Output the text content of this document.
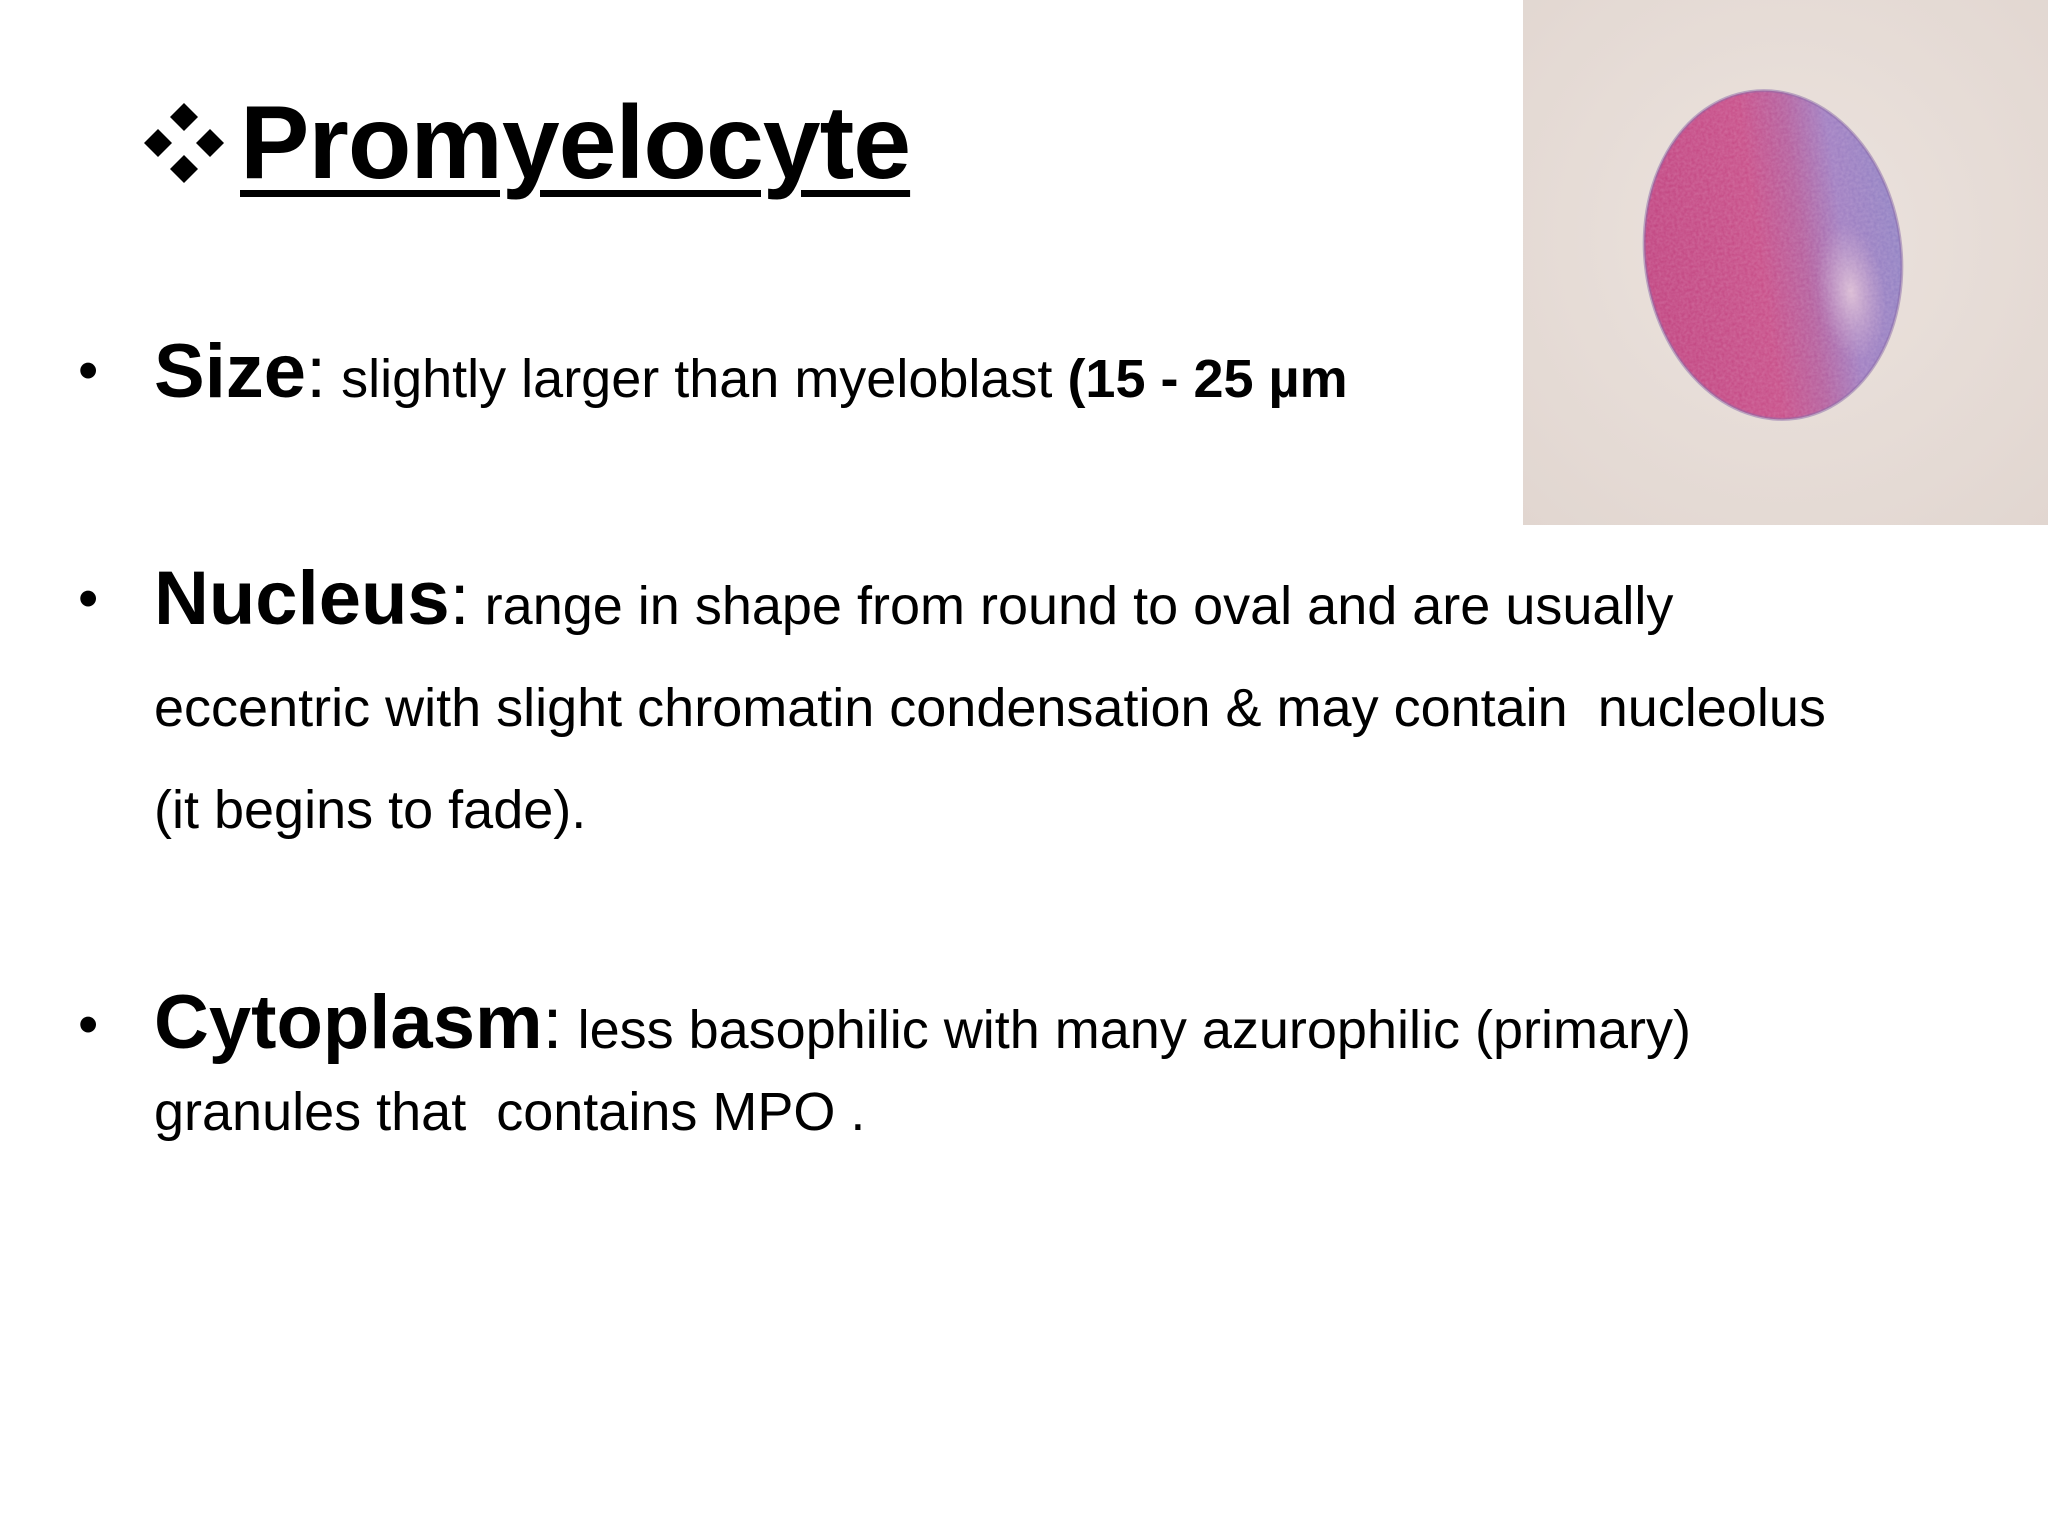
Promyelocyte
• Size: slightly larger than myeloblast (15 - 25 µm
• Nucleus: range in shape from round to oval and are usually eccentric with slight chromatin condensation & may contain  nucleolus (it begins to fade).
• Cytoplasm: less basophilic with many azurophilic (primary) granules that  contains MPO .
